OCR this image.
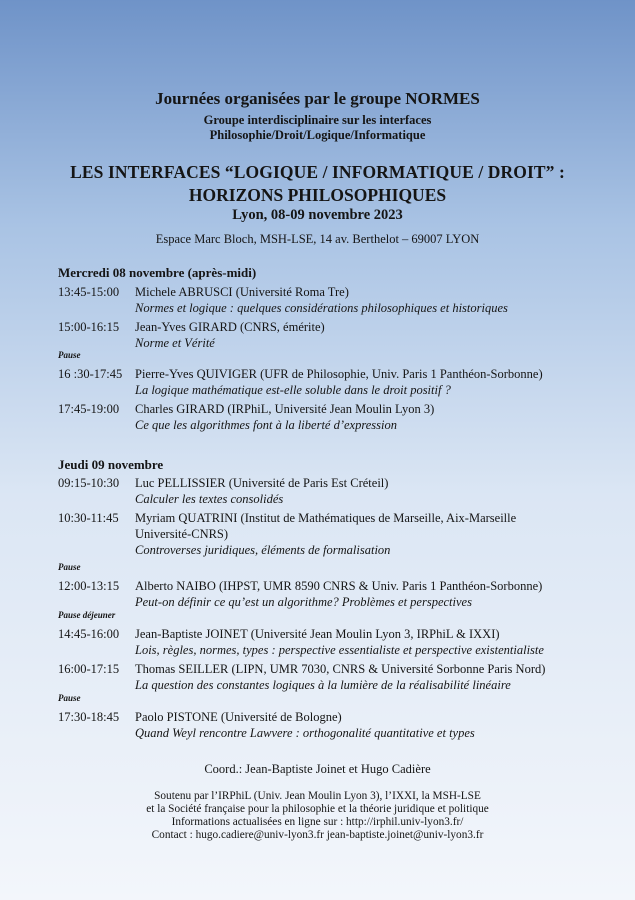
Journées organisées par le groupe NORMES
Groupe interdisciplinaire sur les interfaces
Philosophie/Droit/Logique/Informatique
LES INTERFACES “LOGIQUE / INFORMATIQUE / DROIT” :
HORIZONS PHILOSOPHIQUES
Lyon, 08-09 novembre 2023
Espace Marc Bloch, MSH-LSE, 14 av. Berthelot – 69007 LYON
Mercredi 08 novembre (après-midi)
13:45-15:00	Michele ABRUSCI (Université Roma Tre)
Normes et logique : quelques considérations philosophiques et historiques
15:00-16:15	Jean-Yves GIRARD (CNRS, émérite)
Norme et Vérité
Pause
16 :30-17:45	Pierre-Yves QUIVIGER (UFR de Philosophie, Univ. Paris 1 Panthéon-Sorbonne)
La logique mathématique est-elle soluble dans le droit positif ?
17:45-19:00	Charles GIRARD (IRPhiL, Université Jean Moulin Lyon 3)
Ce que les algorithmes font à la liberté d’expression
Jeudi 09 novembre
09:15-10:30	Luc PELLISSIER (Université de Paris Est Créteil)
Calculer les textes consolidés
10:30-11:45	Myriam QUATRINI (Institut de Mathématiques de Marseille, Aix-Marseille
Université-CNRS)
Controverses juridiques, éléments de formalisation
Pause
12:00-13:15	Alberto NAIBO (IHPST, UMR 8590 CNRS & Univ. Paris 1 Panthéon-Sorbonne)
Peut-on définir ce qu’est un algorithme? Problèmes et perspectives
Pause déjeuner
14:45-16:00	Jean-Baptiste JOINET (Université Jean Moulin Lyon 3, IRPhiL & IXXI)
Lois, règles, normes, types : perspective essentialiste et perspective existentialiste
16:00-17:15	Thomas SEILLER (LIPN, UMR 7030, CNRS & Université Sorbonne Paris Nord)
La question des constantes logiques à la lumière de la réalisabilité linéaire
Pause
17:30-18:45	Paolo PISTONE (Université de Bologne)
Quand Weyl rencontre Lawvere : orthogonalité quantitative et types
Coord.: Jean-Baptiste Joinet et Hugo Cadière
Soutenu par l’IRPhiL (Univ. Jean Moulin Lyon 3), l’IXXI, la MSH-LSE
et la Société française pour la philosophie et la théorie juridique et politique
Informations actualisées en ligne sur : http://irphil.univ-lyon3.fr/
Contact : hugo.cadiere@univ-lyon3.fr jean-baptiste.joinet@univ-lyon3.fr
